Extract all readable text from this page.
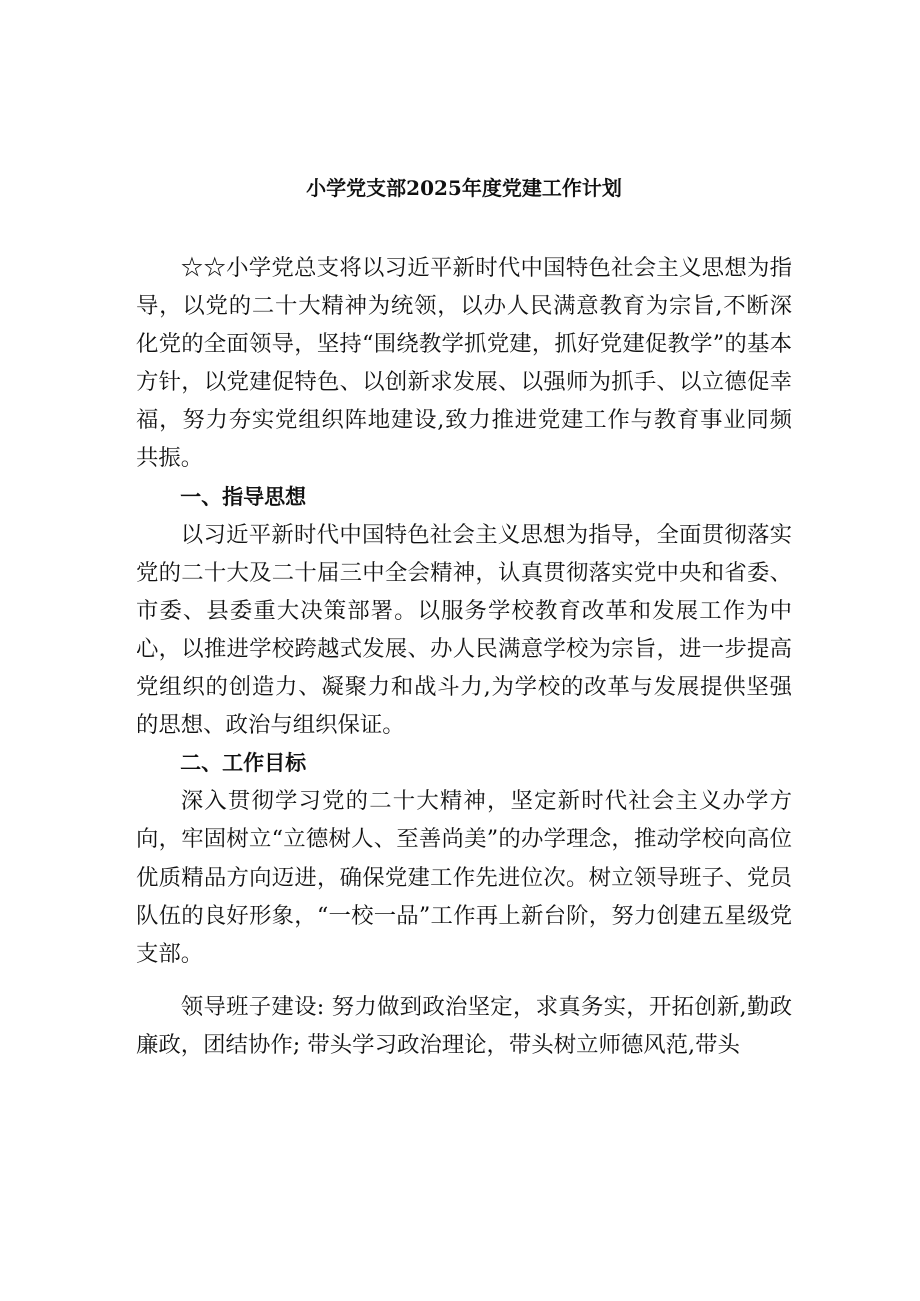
小学党支部2025年度党建工作计划

☆☆小学党总支将以习近平新时代中国特色社会主义思想为指导，以党的二十大精神为统领，以办人民满意教育为宗旨,不断深化党的全面领导，坚持“围绕教学抓党建，抓好党建促教学”的基本方针，以党建促特色、以创新求发展、以强师为抓手、以立德促幸福，努力夯实党组织阵地建设,致力推进党建工作与教育事业同频共振。

一、指导思想

以习近平新时代中国特色社会主义思想为指导，全面贯彻落实党的二十大及二十届三中全会精神，认真贯彻落实党中央和省委、市委、县委重大决策部署。以服务学校教育改革和发展工作为中心，以推进学校跨越式发展、办人民满意学校为宗旨，进一步提高党组织的创造力、凝聚力和战斗力,为学校的改革与发展提供坚强的思想、政治与组织保证。

二、工作目标

深入贯彻学习党的二十大精神，坚定新时代社会主义办学方向，牢固树立“立德树人、至善尚美”的办学理念，推动学校向高位优质精品方向迈进，确保党建工作先进位次。树立领导班子、党员队伍的良好形象，“一校一品”工作再上新台阶，努力创建五星级党支部。

领导班子建设: 努力做到政治坚定，求真务实，开拓创新,勤政廉政，团结协作; 带头学习政治理论，带头树立师德风范,带头
